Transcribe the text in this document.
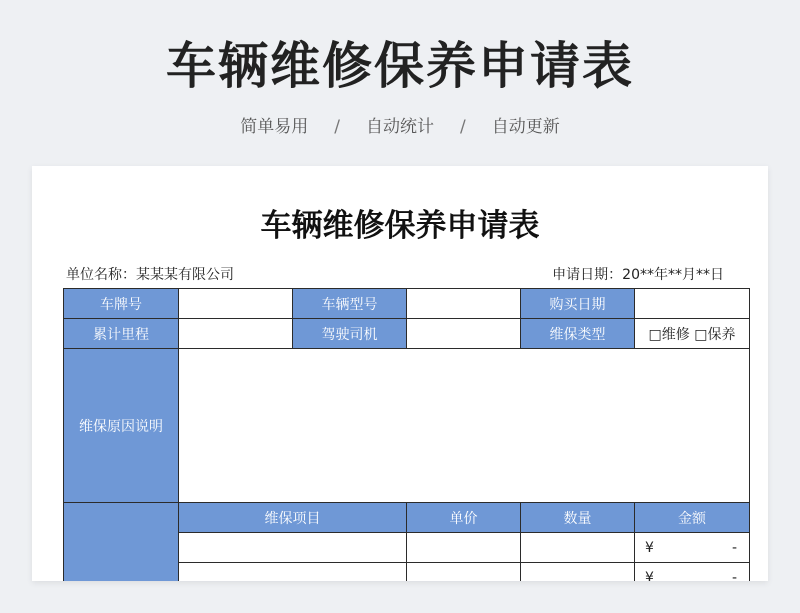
车辆维修保养申请表
简单易用 / 自动统计 / 自动更新
车辆维修保养申请表
单位名称：某某某有限公司	申请日期：20**年**月**日
车牌号		车辆型号		购买日期	
累计里程		驾驶司机		维保类型	□维修 □保养
维保原因说明					
	维保项目		单价	数量	金额
					¥ -

					¥ -
